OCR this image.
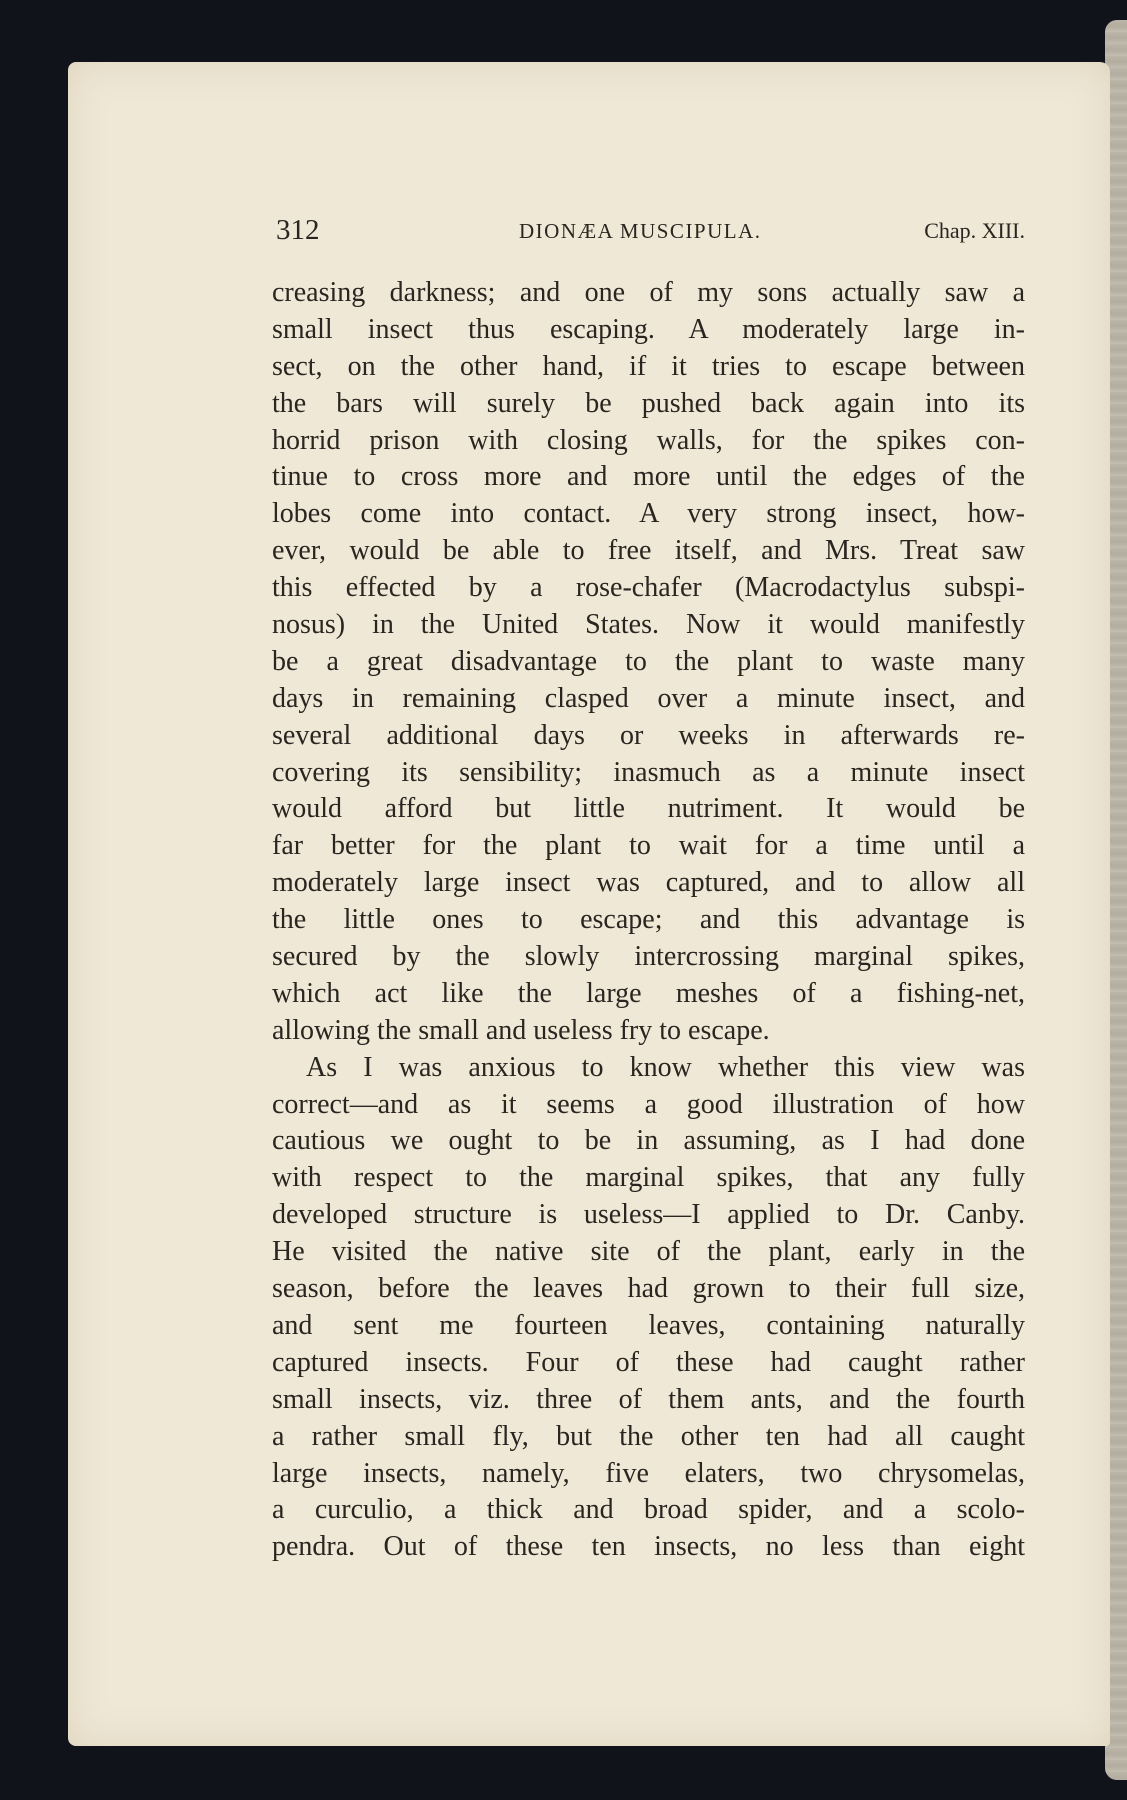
312	DIONÆA MUSCIPULA.	Chap. XIII.
creasing darkness; and one of my sons actually saw a
small insect thus escaping. A moderately large in-
sect, on the other hand, if it tries to escape between
the bars will surely be pushed back again into its
horrid prison with closing walls, for the spikes con-
tinue to cross more and more until the edges of the
lobes come into contact. A very strong insect, how-
ever, would be able to free itself, and Mrs. Treat saw
this effected by a rose-chafer (Macrodactylus subspi-
nosus) in the United States. Now it would manifestly
be a great disadvantage to the plant to waste many
days in remaining clasped over a minute insect, and
several additional days or weeks in afterwards re-
covering its sensibility; inasmuch as a minute insect
would afford but little nutriment. It would be
far better for the plant to wait for a time until a
moderately large insect was captured, and to allow all
the little ones to escape; and this advantage is
secured by the slowly intercrossing marginal spikes,
which act like the large meshes of a fishing-net,
allowing the small and useless fry to escape.
As I was anxious to know whether this view was
correct—and as it seems a good illustration of how
cautious we ought to be in assuming, as I had done
with respect to the marginal spikes, that any fully
developed structure is useless—I applied to Dr. Canby.
He visited the native site of the plant, early in the
season, before the leaves had grown to their full size,
and sent me fourteen leaves, containing naturally
captured insects. Four of these had caught rather
small insects, viz. three of them ants, and the fourth
a rather small fly, but the other ten had all caught
large insects, namely, five elaters, two chrysomelas,
a curculio, a thick and broad spider, and a scolo-
pendra. Out of these ten insects, no less than eight
